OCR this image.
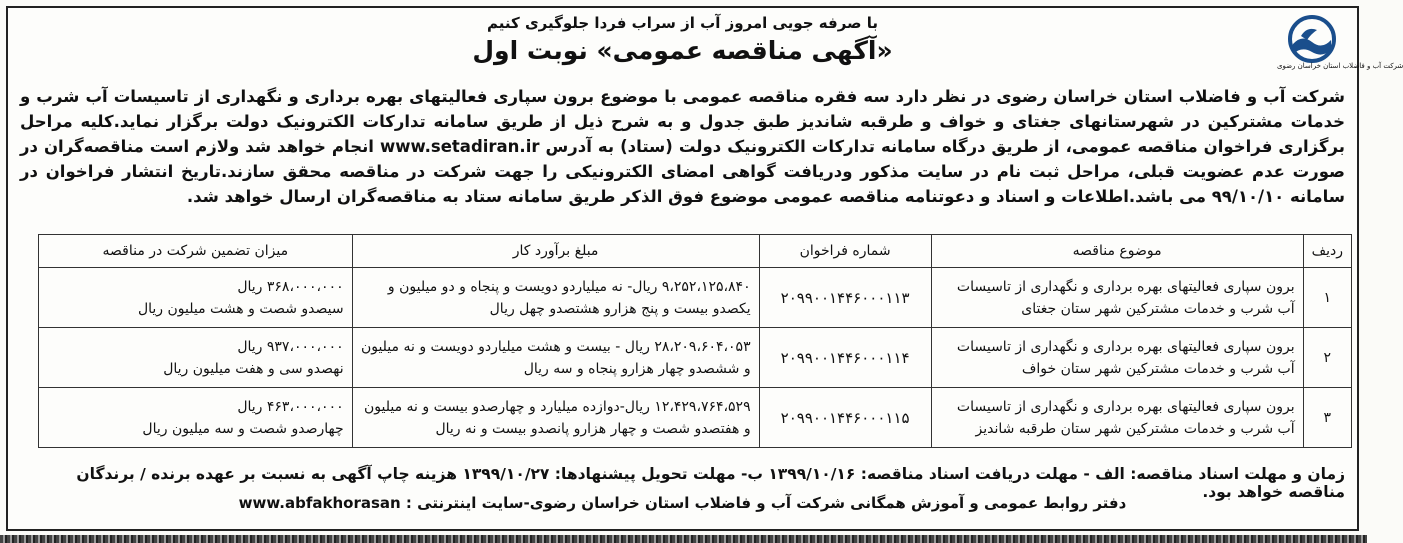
با صرفه جویی امروز آب از سراب فردا جلوگیری کنیم
«آگهی مناقصه عمومی» نوبت اول
شرکت آب و فاضلاب استان خراسان رضوی
شرکت آب و فاضلاب استان خراسان رضوی در نظر دارد سه فقره مناقصه عمومی با موضوع برون سپاری فعالیتهای بهره برداری و نگهداری از تاسیسات آب شرب و خدمات مشترکین در شهرستانهای جغتای و خواف و طرقبه شاندیز طبق جدول و به شرح ذیل از طریق سامانه تدارکات الکترونیک دولت برگزار نماید.کلیه مراحل برگزاری فراخوان مناقصه عمومی، از طریق درگاه سامانه تدارکات الکترونیک دولت (ستاد) به آدرس www.setadiran.ir انجام خواهد شد ولازم است مناقصه‌گران در صورت عدم عضویت قبلی، مراحل ثبت نام در سایت مذکور ودریافت گواهی امضای الکترونیکی را جهت شرکت در مناقصه محقق سازند.تاریخ انتشار فراخوان در سامانه ۹۹/۱۰/۱۰ می باشد.اطلاعات و اسناد و دعوتنامه مناقصه عمومی موضوع فوق الذکر طریق سامانه ستاد به مناقصه‌گران ارسال خواهد شد.
ردیف	موضوع مناقصه	شماره فراخوان	مبلغ برآورد کار	میزان تضمین شرکت در مناقصه
۱	برون سپاری فعالیتهای بهره برداری و نگهداری از تاسیسات آب شرب و خدمات مشترکین شهر ستان جغتای	۲۰۹۹۰۰۱۴۴۶۰۰۰۱۱۳	۹،۲۵۲،۱۲۵،۸۴۰ ریال- نه میلیاردو دویست و پنجاه و دو میلیون و یکصدو بیست و پنج هزارو هشتصدو چهل ریال	۳۶۸،۰۰۰،۰۰۰ ریال
سیصدو شصت و هشت میلیون ریال

۲	برون سپاری فعالیتهای بهره برداری و نگهداری از تاسیسات آب شرب و خدمات مشترکین شهر ستان خواف	۲۰۹۹۰۰۱۴۴۶۰۰۰۱۱۴	۲۸،۲۰۹،۶۰۴،۰۵۳ ریال - بیست و هشت میلیاردو دویست و نه میلیون و ششصدو چهار هزارو پنجاه و سه ریال	۹۳۷،۰۰۰،۰۰۰ ریال
نهصدو سی و هفت میلیون ریال

۳	برون سپاری فعالیتهای بهره برداری و نگهداری از تاسیسات آب شرب و خدمات مشترکین شهر ستان طرقبه شاندیز	۲۰۹۹۰۰۱۴۴۶۰۰۰۱۱۵	۱۲،۴۲۹،۷۶۴،۵۲۹ ریال-دوازده میلیارد و چهارصدو بیست و نه میلیون و هفتصدو شصت و چهار هزارو پانصدو بیست و نه ریال	۴۶۳،۰۰۰،۰۰۰ ریال
چهارصدو شصت و سه میلیون ریال
زمان و مهلت اسناد مناقصه: الف - مهلت دریافت اسناد مناقصه: ۱۳۹۹/۱۰/۱۶ ب- مهلت تحویل پیشنهادها: ۱۳۹۹/۱۰/۲۷ هزینه چاپ آگهی به نسبت بر عهده برنده / برندگان مناقصه خواهد بود.
دفتر روابط عمومی و آموزش همگانی شرکت آب و فاضلاب استان خراسان رضوی-سایت اینترنتی : www.abfakhorasan
